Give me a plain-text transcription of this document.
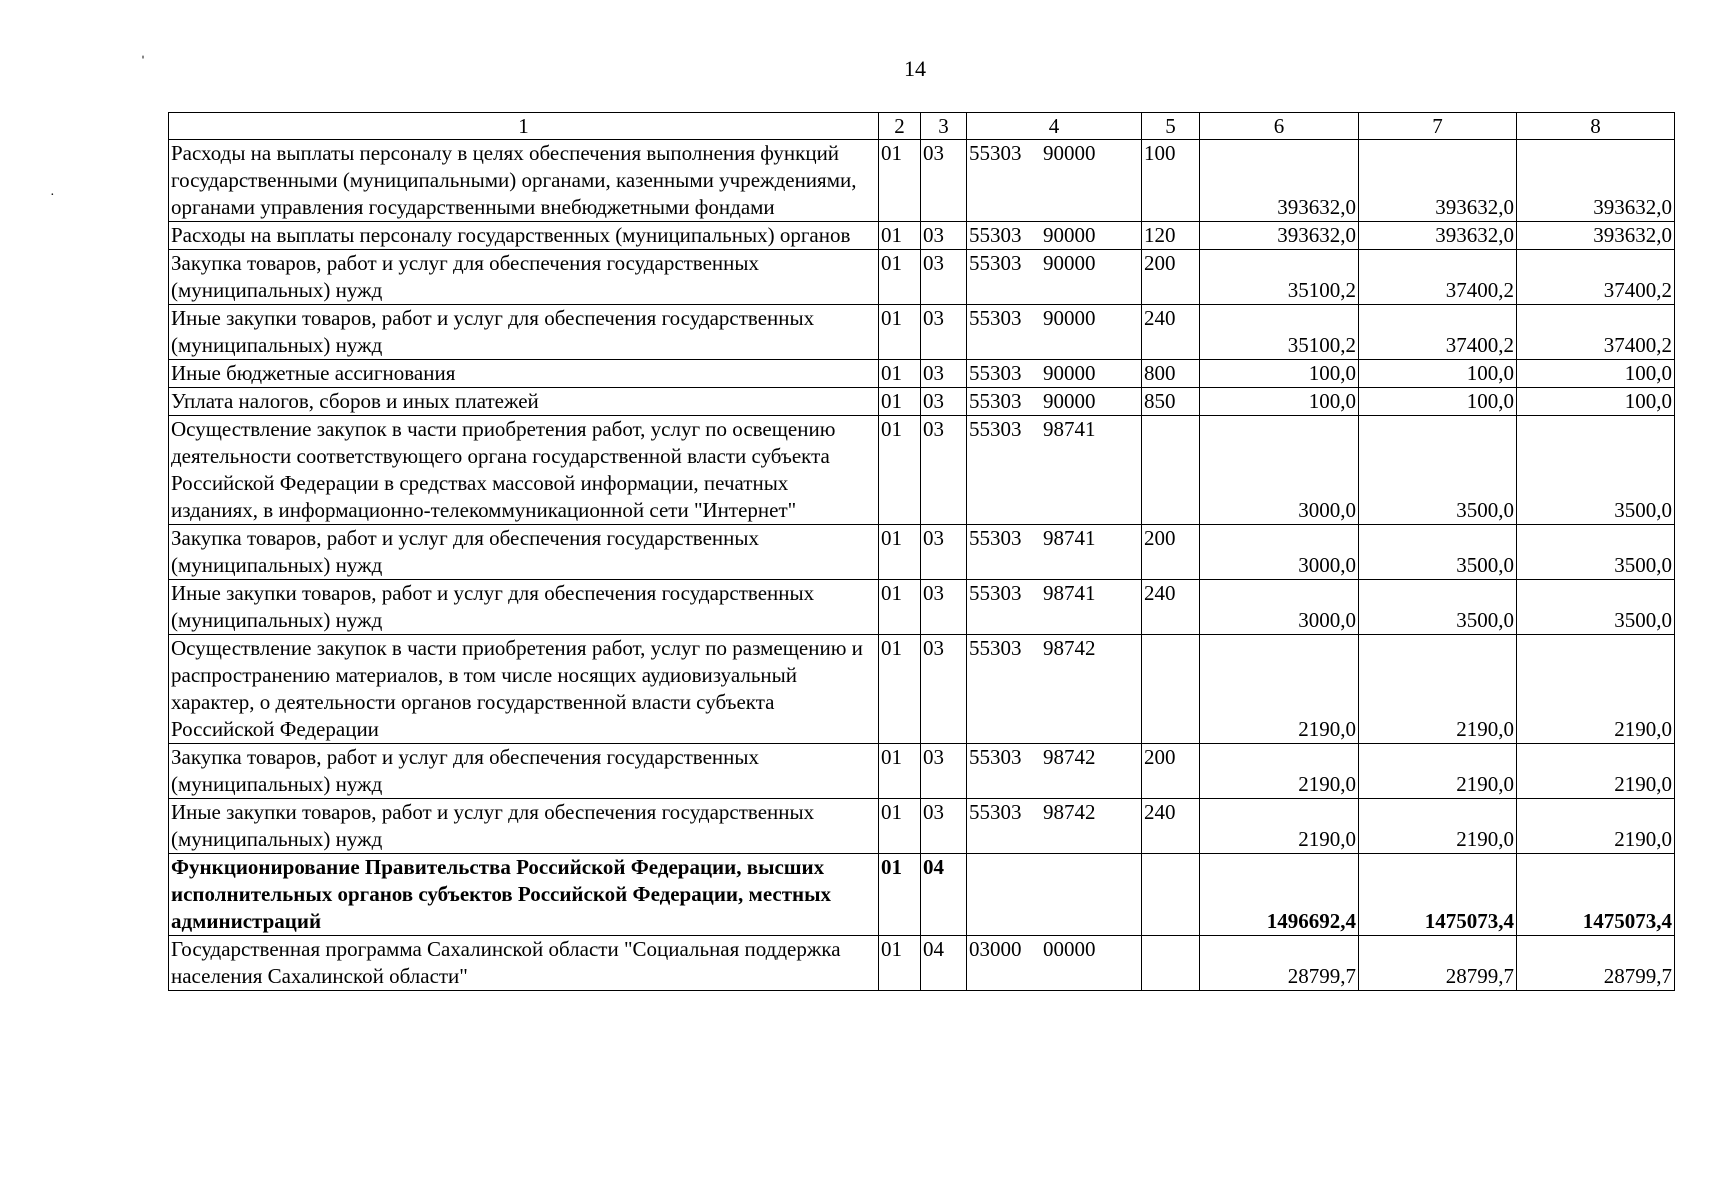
14
ˈ
·
1	2	3	4	5	6	7	8
Расходы на выплаты персоналу в целях обеспечения выполнения функций государственными (муниципальными) органами, казенными учреждениями, органами управления государственными внебюджетными фондами	01	03	55303 90000	100	393632,0	393632,0	393632,0
Расходы на выплаты персоналу государственных (муниципальных) органов	01	03	55303 90000	120	393632,0	393632,0	393632,0
Закупка товаров, работ и услуг для обеспечения государственных (муниципальных) нужд	01	03	55303 90000	200	35100,2	37400,2	37400,2
Иные закупки товаров, работ и услуг для обеспечения государственных (муниципальных) нужд	01	03	55303 90000	240	35100,2	37400,2	37400,2
Иные бюджетные ассигнования	01	03	55303 90000	800	100,0	100,0	100,0
Уплата налогов, сборов и иных платежей	01	03	55303 90000	850	100,0	100,0	100,0
Осуществление закупок в части приобретения работ, услуг по освещению деятельности соответствующего органа государственной власти субъекта Российской Федерации в средствах массовой информации, печатных изданиях, в информационно-телекоммуникационной сети "Интернет"	01	03	55303 98741		3000,0	3500,0	3500,0
Закупка товаров, работ и услуг для обеспечения государственных (муниципальных) нужд	01	03	55303 98741	200	3000,0	3500,0	3500,0
Иные закупки товаров, работ и услуг для обеспечения государственных (муниципальных) нужд	01	03	55303 98741	240	3000,0	3500,0	3500,0
Осуществление закупок в части приобретения работ, услуг по размещению и распространению материалов, в том числе носящих аудиовизуальный характер, о деятельности органов государственной власти субъекта Российской Федерации	01	03	55303 98742		2190,0	2190,0	2190,0
Закупка товаров, работ и услуг для обеспечения государственных (муниципальных) нужд	01	03	55303 98742	200	2190,0	2190,0	2190,0
Иные закупки товаров, работ и услуг для обеспечения государственных (муниципальных) нужд	01	03	55303 98742	240	2190,0	2190,0	2190,0
Функционирование Правительства Российской Федерации, высших исполнительных органов субъектов Российской Федерации, местных администраций	01	04			1496692,4	1475073,4	1475073,4
Государственная программа Сахалинской области "Социальная поддержка населения Сахалинской области"	01	04	03000 00000		28799,7	28799,7	28799,7
